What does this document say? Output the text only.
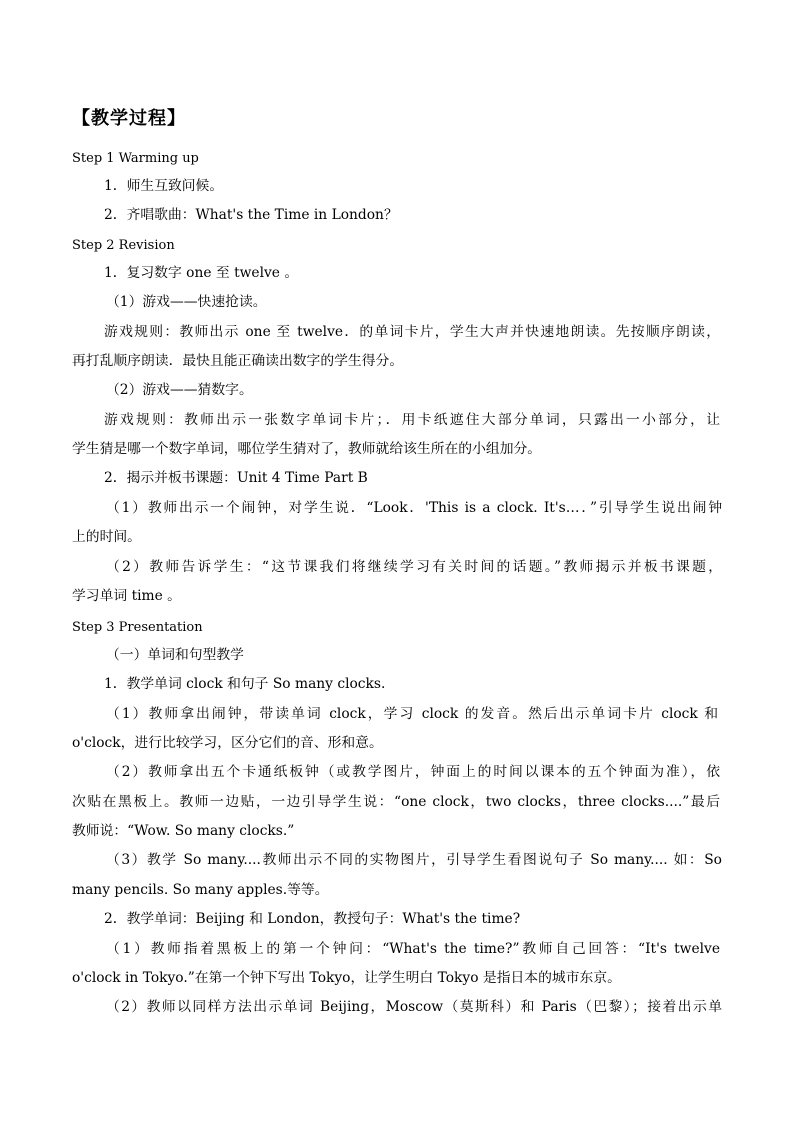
【教学过程】
Step 1 Warming up
1．师生互致问候。
2．齐唱歌曲：What's the Time in London？
Step 2 Revision
1．复习数字 one 至 twelve 。
（1）游戏——快速抢读。
游戏规则：教师出示 one 至 twelve．的单词卡片，学生大声并快速地朗读。先按顺序朗读，
再打乱顺序朗读．最快且能正确读出数字的学生得分。
（2）游戏——猜数字。
游戏规则：教师出示一张数字单词卡片；．用卡纸遮住大部分单词，只露出一小部分，让
学生猜是哪一个数字单词，哪位学生猜对了，教师就给该生所在的小组加分。
2．揭示并板书课题：Unit 4 Time Part B
（1）教师出示一个闹钟，对学生说．“Look．'This is a clock. It's…．”引导学生说出闹钟
上的时间。
（2）教师告诉学生：“这节课我们将继续学习有关时间的话题。”教师揭示并板书课题，
学习单词 time 。
Step 3 Presentation
（一）单词和句型教学
1．教学单词 clock 和句子 So many clocks.
（1）教师拿出闹钟，带读单词 clock，学习 clock 的发音。然后出示单词卡片 clock 和
o'clock，进行比较学习，区分它们的音、形和意。
（2）教师拿出五个卡通纸板钟（或教学图片，钟面上的时间以课本的五个钟面为准），依
次贴在黑板上。教师一边贴，一边引导学生说：“one clock，two clocks，three clocks....”最后
教师说：“Wow. So many clocks.”
（3）教学 So many....教师出示不同的实物图片，引导学生看图说句子 So many.... 如：So
many pencils. So many apples.等等。
2．教学单词：Beijing 和 London，教授句子：What's the time?
（1）教师指着黑板上的第一个钟问：“What's the time?”教师自己回答：“It's twelve
o'clock in Tokyo.”在第一个钟下写出 Tokyo，让学生明白 Tokyo 是指日本的城市东京。
（2）教师以同样方法出示单词 Beijing，Moscow（莫斯科）和 Paris（巴黎）；接着出示单
